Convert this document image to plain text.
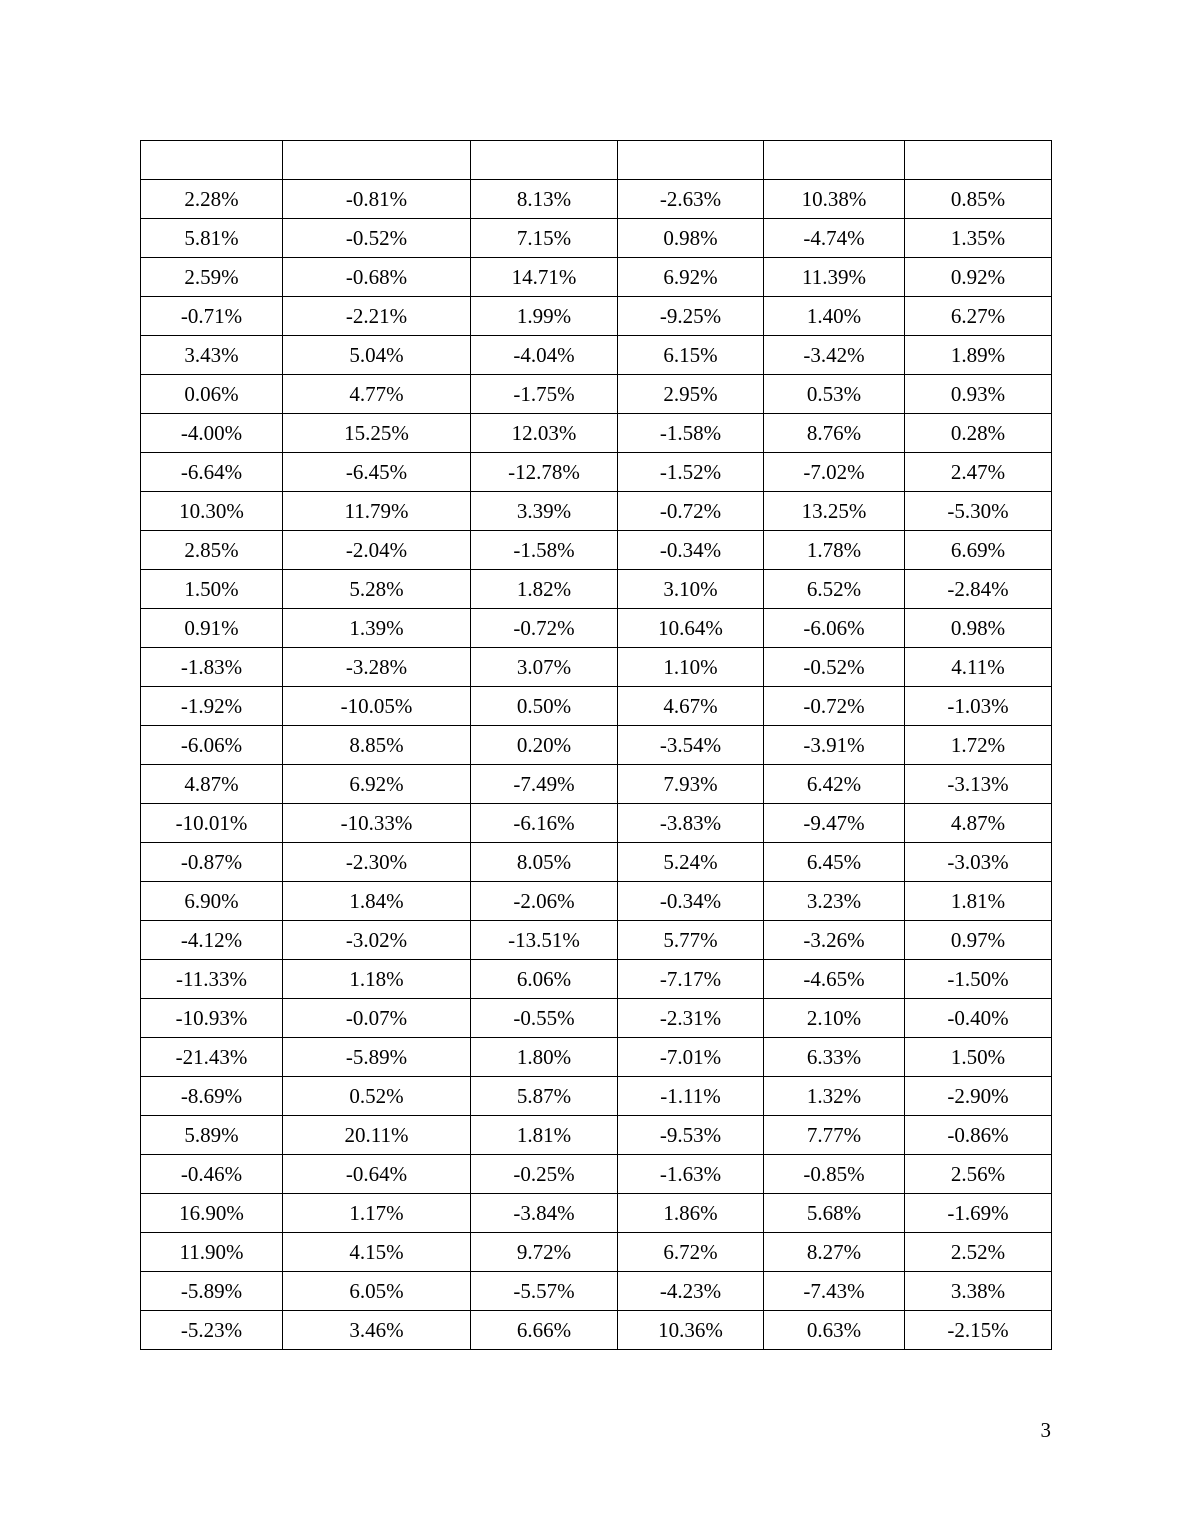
2.28%	-0.81%	8.13%	-2.63%	10.38%	0.85%
5.81%	-0.52%	7.15%	0.98%	-4.74%	1.35%
2.59%	-0.68%	14.71%	6.92%	11.39%	0.92%
-0.71%	-2.21%	1.99%	-9.25%	1.40%	6.27%
3.43%	5.04%	-4.04%	6.15%	-3.42%	1.89%
0.06%	4.77%	-1.75%	2.95%	0.53%	0.93%
-4.00%	15.25%	12.03%	-1.58%	8.76%	0.28%
-6.64%	-6.45%	-12.78%	-1.52%	-7.02%	2.47%
10.30%	11.79%	3.39%	-0.72%	13.25%	-5.30%
2.85%	-2.04%	-1.58%	-0.34%	1.78%	6.69%
1.50%	5.28%	1.82%	3.10%	6.52%	-2.84%
0.91%	1.39%	-0.72%	10.64%	-6.06%	0.98%
-1.83%	-3.28%	3.07%	1.10%	-0.52%	4.11%
-1.92%	-10.05%	0.50%	4.67%	-0.72%	-1.03%
-6.06%	8.85%	0.20%	-3.54%	-3.91%	1.72%
4.87%	6.92%	-7.49%	7.93%	6.42%	-3.13%
-10.01%	-10.33%	-6.16%	-3.83%	-9.47%	4.87%
-0.87%	-2.30%	8.05%	5.24%	6.45%	-3.03%
6.90%	1.84%	-2.06%	-0.34%	3.23%	1.81%
-4.12%	-3.02%	-13.51%	5.77%	-3.26%	0.97%
-11.33%	1.18%	6.06%	-7.17%	-4.65%	-1.50%
-10.93%	-0.07%	-0.55%	-2.31%	2.10%	-0.40%
-21.43%	-5.89%	1.80%	-7.01%	6.33%	1.50%
-8.69%	0.52%	5.87%	-1.11%	1.32%	-2.90%
5.89%	20.11%	1.81%	-9.53%	7.77%	-0.86%
-0.46%	-0.64%	-0.25%	-1.63%	-0.85%	2.56%
16.90%	1.17%	-3.84%	1.86%	5.68%	-1.69%
11.90%	4.15%	9.72%	6.72%	8.27%	2.52%
-5.89%	6.05%	-5.57%	-4.23%	-7.43%	3.38%
-5.23%	3.46%	6.66%	10.36%	0.63%	-2.15%
3
